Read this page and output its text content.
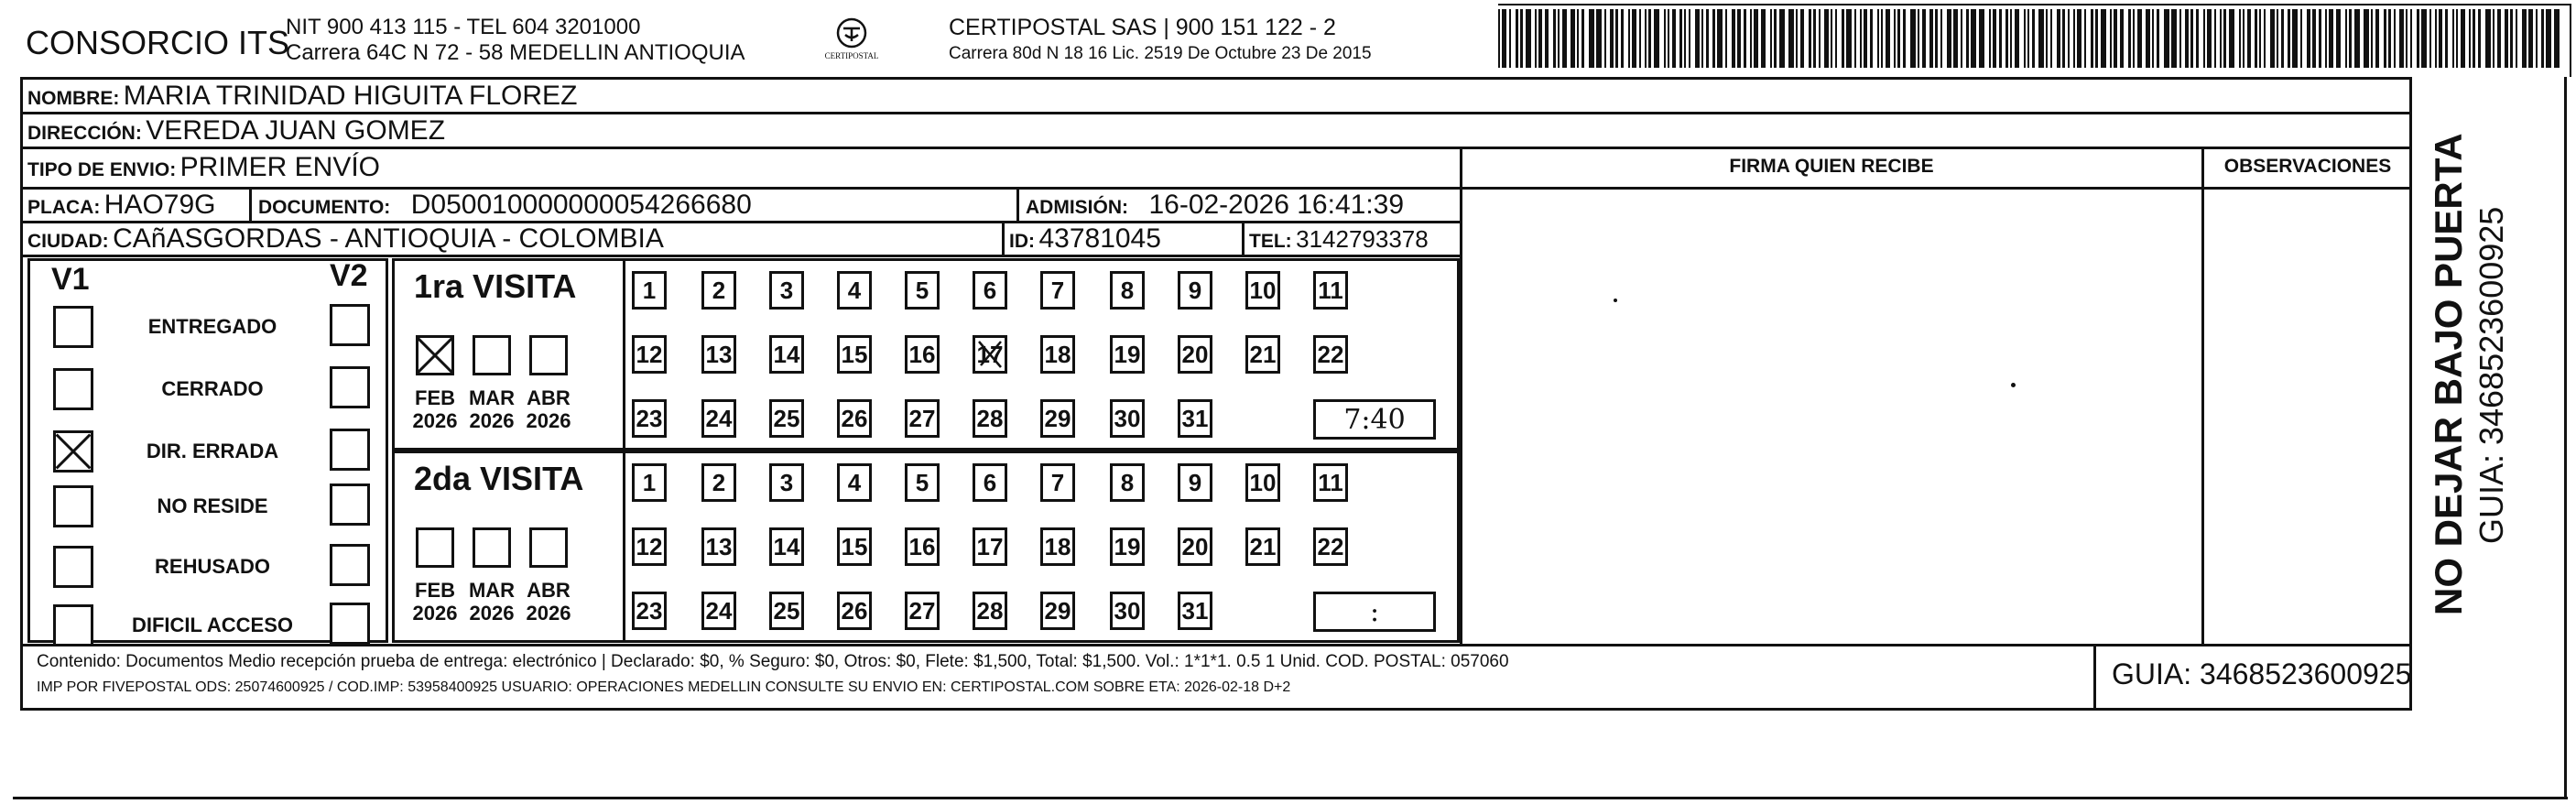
CONSORCIO ITS
NIT 900 413 115 - TEL 604 3201000
Carrera 64C N 72 - 58 MEDELLIN ANTIOQUIA	CERTIPOSTAL
CERTIPOSTAL SAS | 900 151 122 - 2
Carrera 80d N 18 16 Lic. 2519 De Octubre 23 De 2015
NOMBRE: MARIA TRINIDAD HIGUITA FLOREZ
DIRECCIÓN: VEREDA JUAN GOMEZ
TIPO DE ENVIO: PRIMER ENVÍO	FIRMA QUIEN RECIBE	OBSERVACIONES
PLACA: HAO79G DOCUMENTO: D050010000000054266680	ADMISIÓN: 16-02-2026 16:41:39
CIUDAD: CAñASGORDAS - ANTIOQUIA - COLOMBIA	ID: 43781045	TEL: 3142793378
V1	V2
ENTREGADO
CERRADO
DIR. ERRADA
NO RESIDE
REHUSADO
DIFICIL ACCESO
1ra VISITA
FEB
2026
MAR
2026
ABR
2026
1	2	3	4	5	6	7	8	9	10 11
12 13 14 15 16 17 18 19 20 21 22
23 24 25 26 27 28 29 30 31	7:40
2da VISITA
FEB
2026
MAR
2026
ABR
2026
1	2	3	4	5	6	7	8	9	10 11
12 13 14 15 16 17 18 19 20 21 22
23 24 25 26 27 28 29 30 31	:
Contenido: Documentos Medio recepción prueba de entrega: electrónico | Declarado: $0, % Seguro: $0, Otros: $0, Flete: $1,500, Total: $1,500. Vol.: 1*1*1. 0.5 1 Unid. COD. POSTAL: 057060
IMP POR FIVEPOSTAL ODS: 25074600925 / COD.IMP: 53958400925 USUARIO: OPERACIONES MEDELLIN CONSULTE SU ENVIO EN: CERTIPOSTAL.COM SOBRE ETA: 2026-02-18 D+2	GUIA: 3468523600925
NO DEJAR BAJO PUERTA GUIA: 3468523600925
